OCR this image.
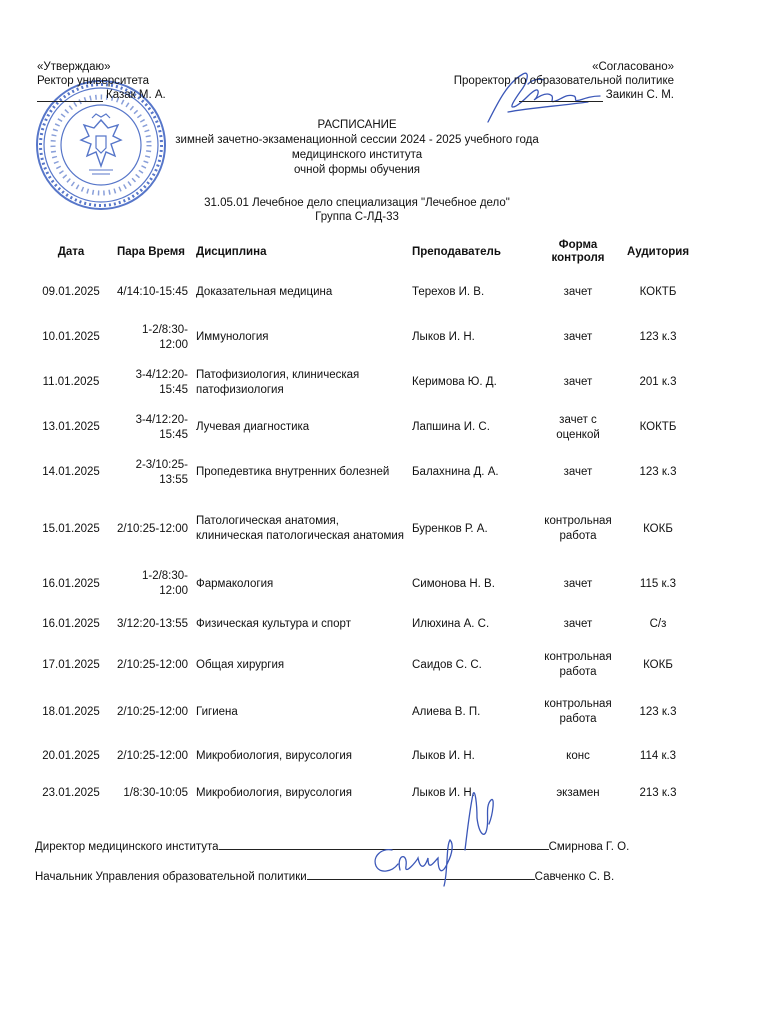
«Утверждаю»
Ректор университета
Казак М. А.
«Согласовано»
Проректор по образовательной политике
Заикин С. М.
РАСПИСАНИЕ
зимней зачетно-экзаменационной сессии 2024 - 2025 учебного года
медицинского института
очной формы обучения
31.05.01 Лечебное дело специализация "Лечебное дело"
Группа С-ЛД-33
Дата	Пара Время	Дисциплина	Преподаватель	Форма контроля	Аудитория
09.01.2025	4/14:10-15:45	Доказательная медицина	Терехов И. В.	зачет	КОКТБ
10.01.2025	1-2/8:30-12:00	Иммунология	Лыков И. Н.	зачет	123 к.3
11.01.2025	3-4/12:20-15:45	Патофизиология, клиническая патофизиология	Керимова Ю. Д.	зачет	201 к.3
13.01.2025	3-4/12:20-15:45	Лучевая диагностика	Лапшина И. С.	зачет с оценкой	КОКТБ
14.01.2025	2-3/10:25-13:55	Пропедевтика внутренних болезней	Балахнина Д. А.	зачет	123 к.3
15.01.2025	2/10:25-12:00	Патологическая анатомия, клиническая патологическая анатомия	Буренков Р. А.	контрольная работа	КОКБ
16.01.2025	1-2/8:30-12:00	Фармакология	Симонова Н. В.	зачет	115 к.3
16.01.2025	3/12:20-13:55	Физическая культура и спорт	Илюхина А. С.	зачет	С/з
17.01.2025	2/10:25-12:00	Общая хирургия	Саидов С. С.	контрольная работа	КОКБ
18.01.2025	2/10:25-12:00	Гигиена	Алиева В. П.	контрольная работа	123 к.3
20.01.2025	2/10:25-12:00	Микробиология, вирусология	Лыков И. Н.	конс	114 к.3
23.01.2025	1/8:30-10:05	Микробиология, вирусология	Лыков И. Н.	экзамен	213 к.3
Директор медицинского института	Смирнова Г. О.
Начальник Управления образовательной политики	Савченко С. В.
